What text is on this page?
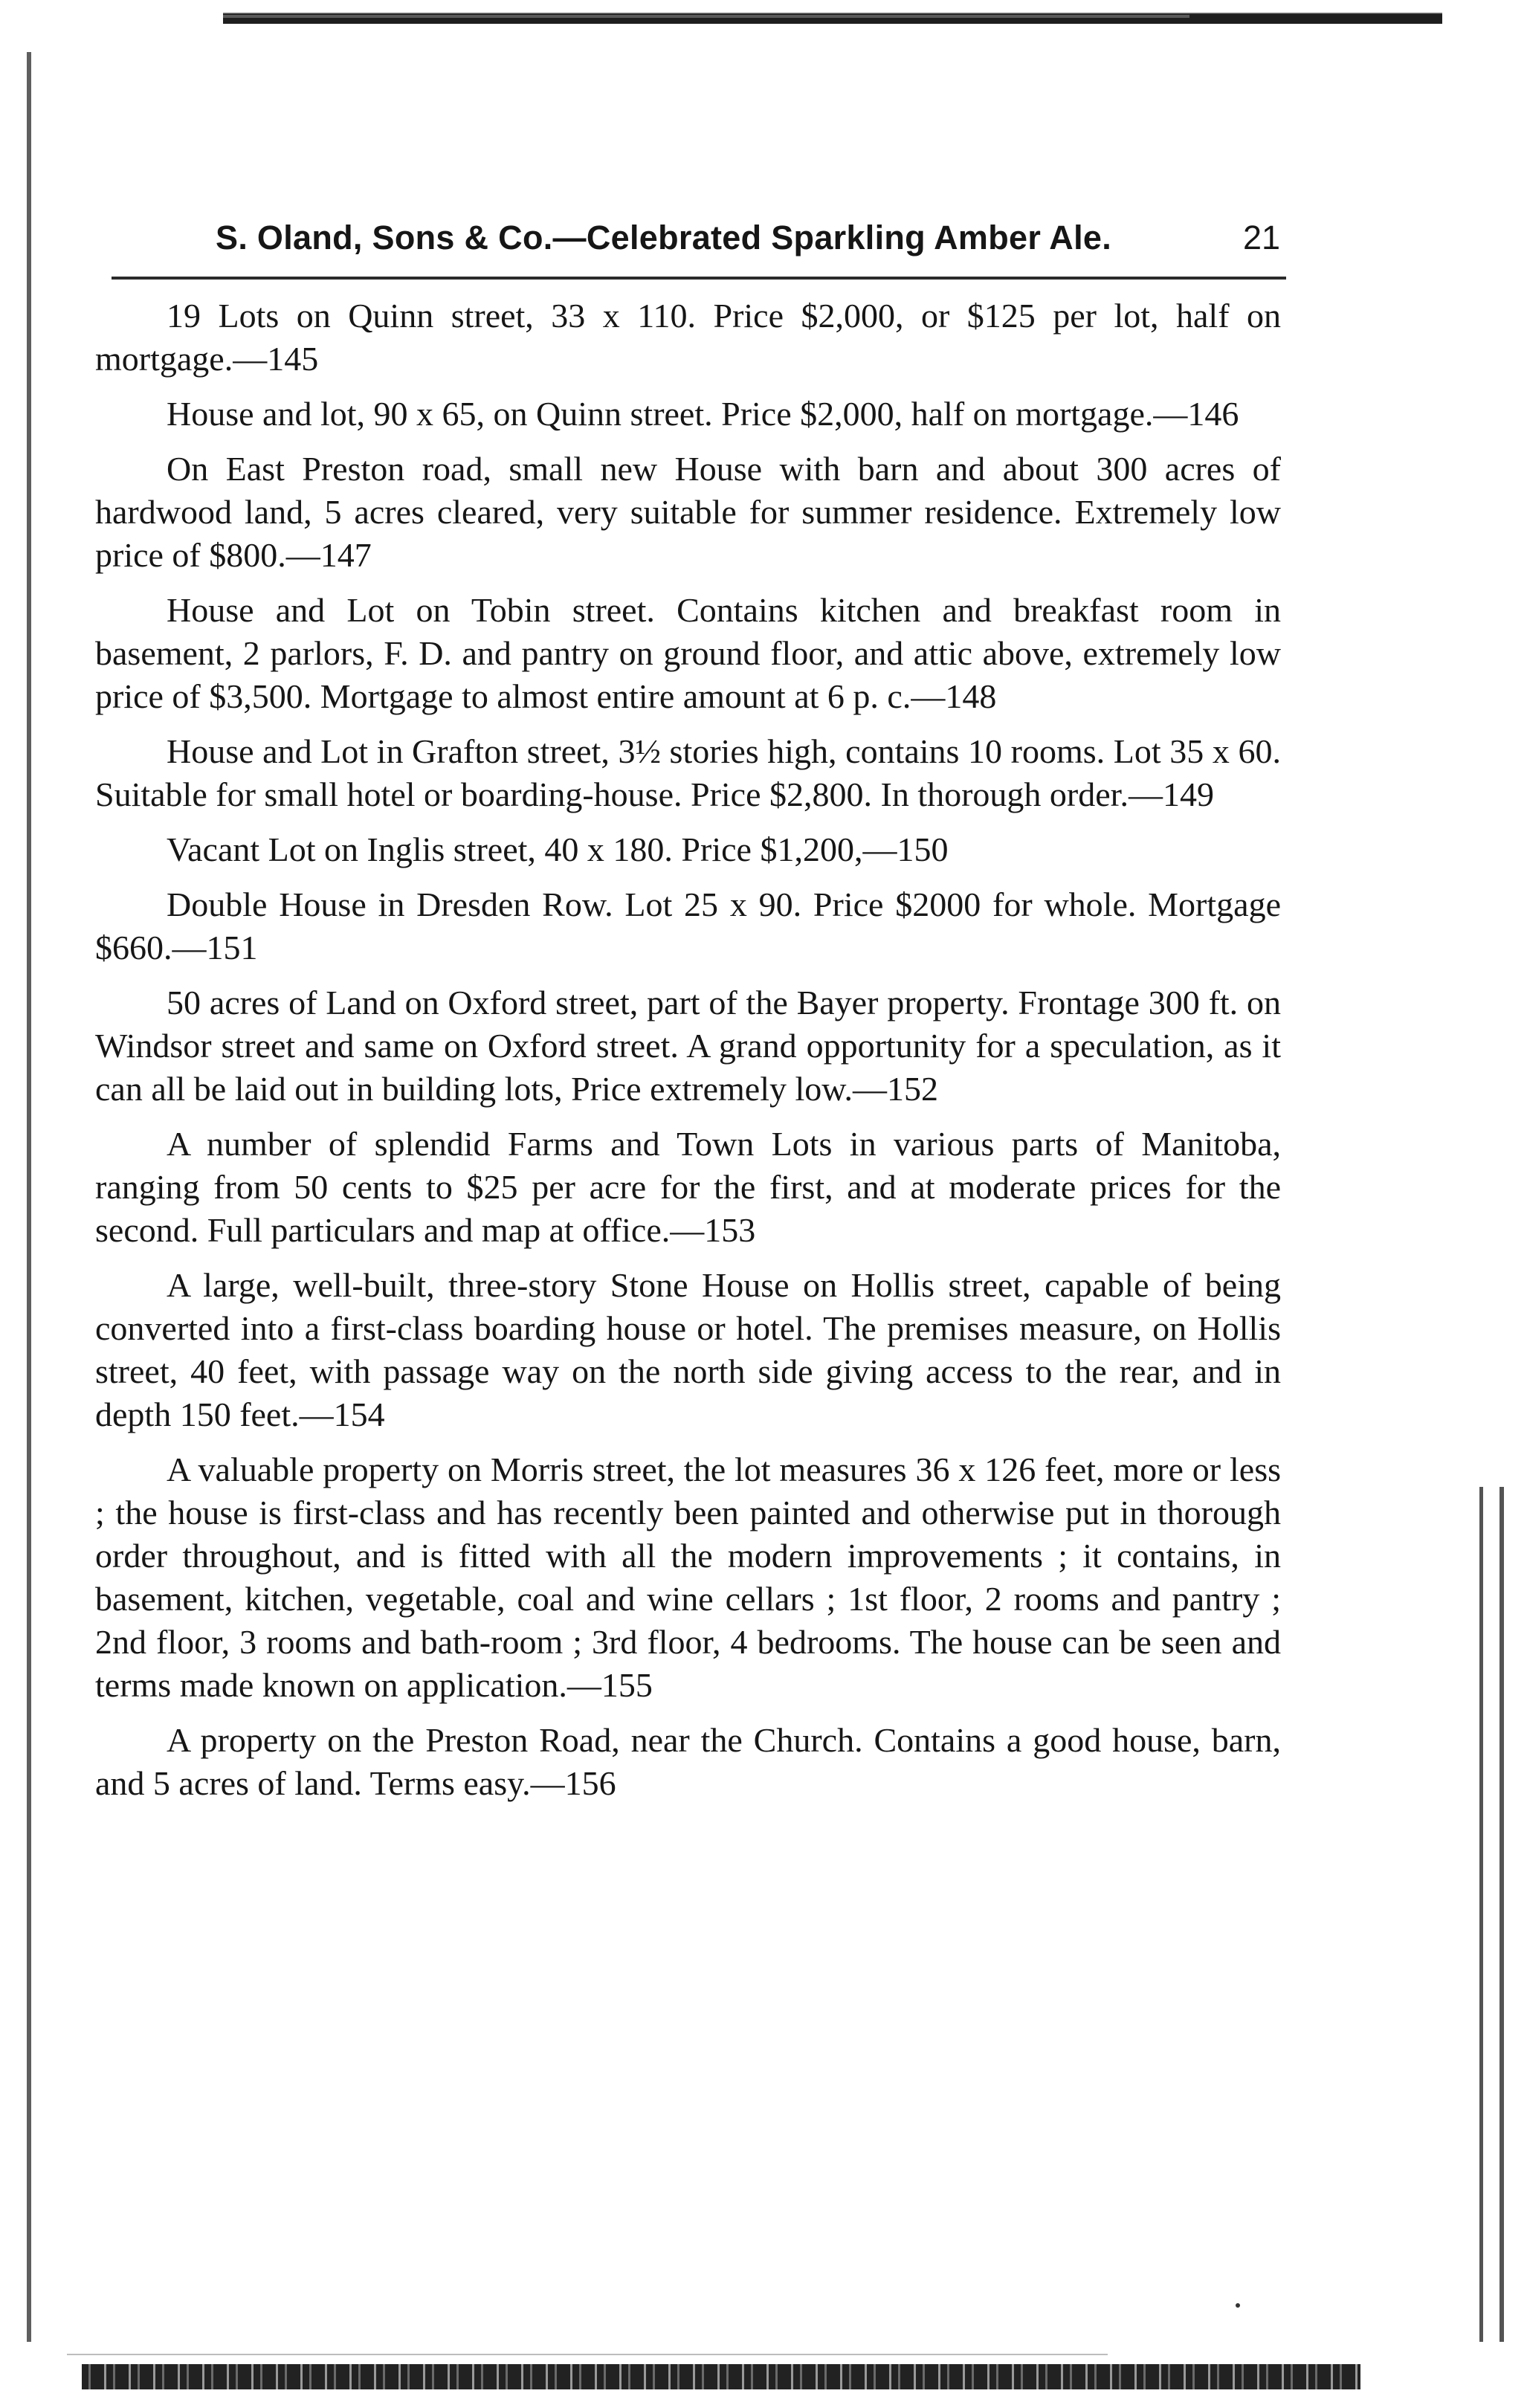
S. Oland, Sons & Co.—Celebrated Sparkling Amber Ale.	21

19 Lots on Quinn street, 33 x 110. Price $2,000, or $125 per lot, half on mortgage.—145

House and lot, 90 x 65, on Quinn street. Price $2,000, half on mortgage.—146

On East Preston road, small new House with barn and about 300 acres of hardwood land, 5 acres cleared, very suitable for summer residence. Extremely low price of $800.—147

House and Lot on Tobin street. Contains kitchen and breakfast room in basement, 2 parlors, F. D. and pantry on ground floor, and attic above, extremely low price of $3,500. Mortgage to almost entire amount at 6 p. c.—148

House and Lot in Grafton street, 3½ stories high, contains 10 rooms. Lot 35 x 60. Suitable for small hotel or boarding-house. Price $2,800. In thorough order.—149

Vacant Lot on Inglis street, 40 x 180. Price $1,200,—150

Double House in Dresden Row. Lot 25 x 90. Price $2000 for whole. Mortgage $660.—151

50 acres of Land on Oxford street, part of the Bayer property. Frontage 300 ft. on Windsor street and same on Oxford street. A grand opportunity for a speculation, as it can all be laid out in building lots, Price extremely low.—152

A number of splendid Farms and Town Lots in various parts of Manitoba, ranging from 50 cents to $25 per acre for the first, and at moderate prices for the second. Full particulars and map at office.—153

A large, well-built, three-story Stone House on Hollis street, capable of being converted into a first-class boarding house or hotel. The premises measure, on Hollis street, 40 feet, with passage way on the north side giving access to the rear, and in depth 150 feet.—154

A valuable property on Morris street, the lot measures 36 x 126 feet, more or less ; the house is first-class and has recently been painted and otherwise put in thorough order throughout, and is fitted with all the modern improvements ; it contains, in basement, kitchen, vegetable, coal and wine cellars ; 1st floor, 2 rooms and pantry ; 2nd floor, 3 rooms and bath-room ; 3rd floor, 4 bedrooms. The house can be seen and terms made known on application.—155

A property on the Preston Road, near the Church. Contains a good house, barn, and 5 acres of land. Terms easy.—156
